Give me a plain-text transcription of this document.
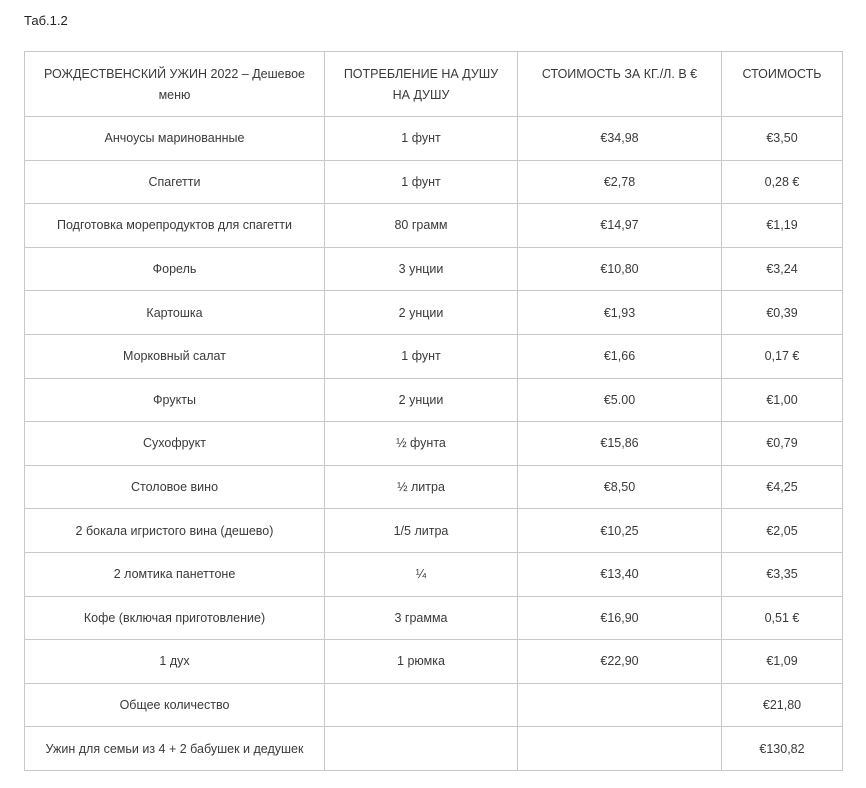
Таб.1.2
РОЖДЕСТВЕНСКИЙ УЖИН 2022 – Дешевое меню	ПОТРЕБЛЕНИЕ НА ДУШУ НА ДУШУ	СТОИМОСТЬ ЗА КГ./Л. В €	СТОИМОСТЬ
Анчоусы маринованные	1 фунт	€34,98	€3,50
Спагетти	1 фунт	€2,78	0,28 €
Подготовка морепродуктов для спагетти	80 грамм	€14,97	€1,19
Форель	3 унции	€10,80	€3,24
Картошка	2 унции	€1,93	€0,39
Морковный салат	1 фунт	€1,66	0,17 €
Фрукты	2 унции	€5.00	€1,00
Сухофрукт	½ фунта	€15,86	€0,79
Столовое вино	½ литра	€8,50	€4,25
2 бокала игристого вина (дешево)	1/5 литра	€10,25	€2,05
2 ломтика панеттоне	¼	€13,40	€3,35
Кофе (включая приготовление)	3 грамма	€16,90	0,51 €
1 дух	1 рюмка	€22,90	€1,09
Общее количество			€21,80
Ужин для семьи из 4 + 2 бабушек и дедушек			€130,82
